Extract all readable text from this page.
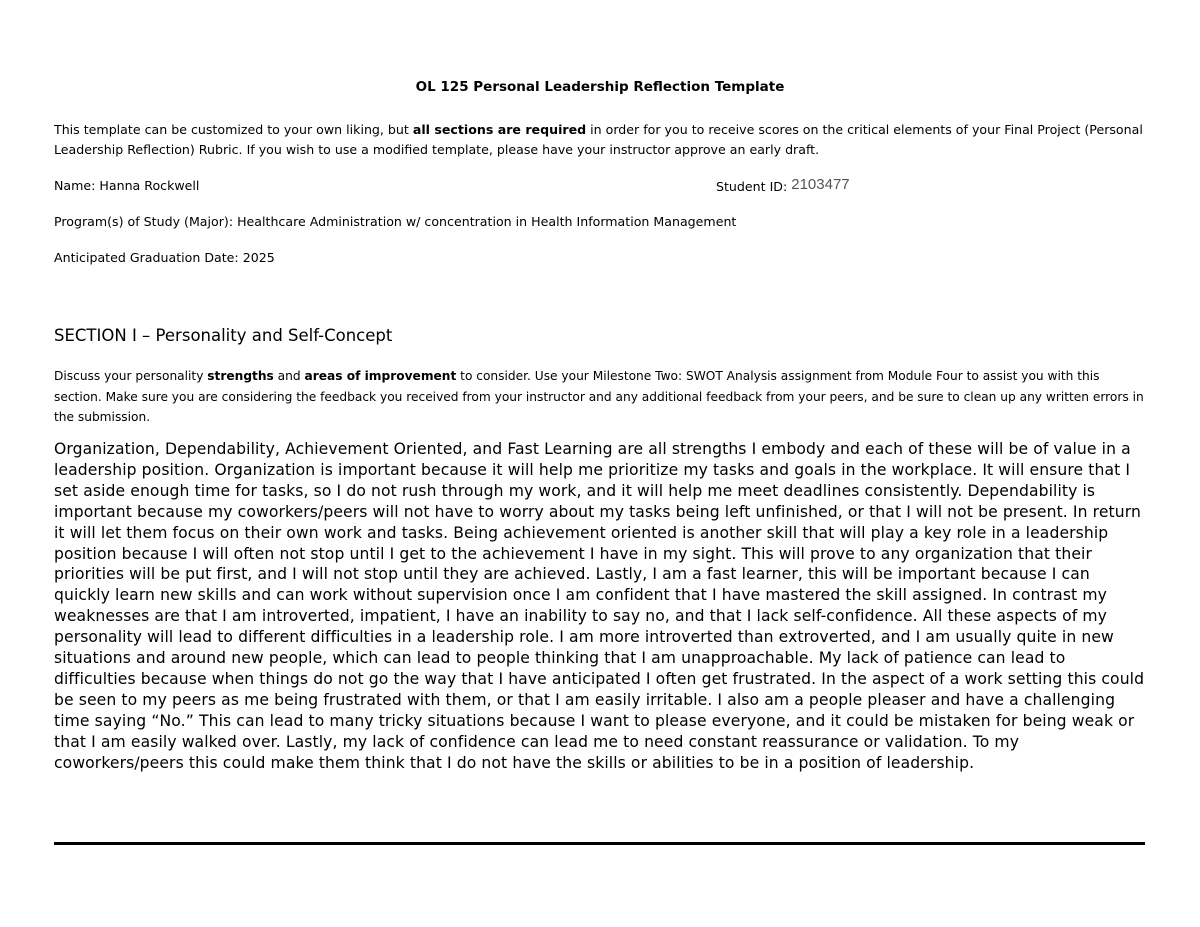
OL 125 Personal Leadership Reflection Template
This template can be customized to your own liking, but all sections are required in order for you to receive scores on the critical elements of your Final Project (Personal Leadership Reflection) Rubric. If you wish to use a modified template, please have your instructor approve an early draft.
Name: Hanna Rockwell	Student ID: 2103477
Program(s) of Study (Major): Healthcare Administration w/ concentration in Health Information Management
Anticipated Graduation Date: 2025
SECTION I – Personality and Self-Concept
Discuss your personality strengths and areas of improvement to consider. Use your Milestone Two: SWOT Analysis assignment from Module Four to assist you with this section. Make sure you are considering the feedback you received from your instructor and any additional feedback from your peers, and be sure to clean up any written errors in the submission.
Organization, Dependability, Achievement Oriented, and Fast Learning are all strengths I embody and each of these will be of value in a leadership position. Organization is important because it will help me prioritize my tasks and goals in the workplace. It will ensure that I set aside enough time for tasks, so I do not rush through my work, and it will help me meet deadlines consistently. Dependability is important because my coworkers/peers will not have to worry about my tasks being left unfinished, or that I will not be present. In return it will let them focus on their own work and tasks. Being achievement oriented is another skill that will play a key role in a leadership position because I will often not stop until I get to the achievement I have in my sight. This will prove to any organization that their priorities will be put first, and I will not stop until they are achieved. Lastly, I am a fast learner, this will be important because I can quickly learn new skills and can work without supervision once I am confident that I have mastered the skill assigned. In contrast my weaknesses are that I am introverted, impatient, I have an inability to say no, and that I lack self-confidence. All these aspects of my personality will lead to different difficulties in a leadership role. I am more introverted than extroverted, and I am usually quite in new situations and around new people, which can lead to people thinking that I am unapproachable. My lack of patience can lead to difficulties because when things do not go the way that I have anticipated I often get frustrated. In the aspect of a work setting this could be seen to my peers as me being frustrated with them, or that I am easily irritable. I also am a people pleaser and have a challenging time saying “No.” This can lead to many tricky situations because I want to please everyone, and it could be mistaken for being weak or that I am easily walked over. Lastly, my lack of confidence can lead me to need constant reassurance or validation. To my coworkers/peers this could make them think that I do not have the skills or abilities to be in a position of leadership.
